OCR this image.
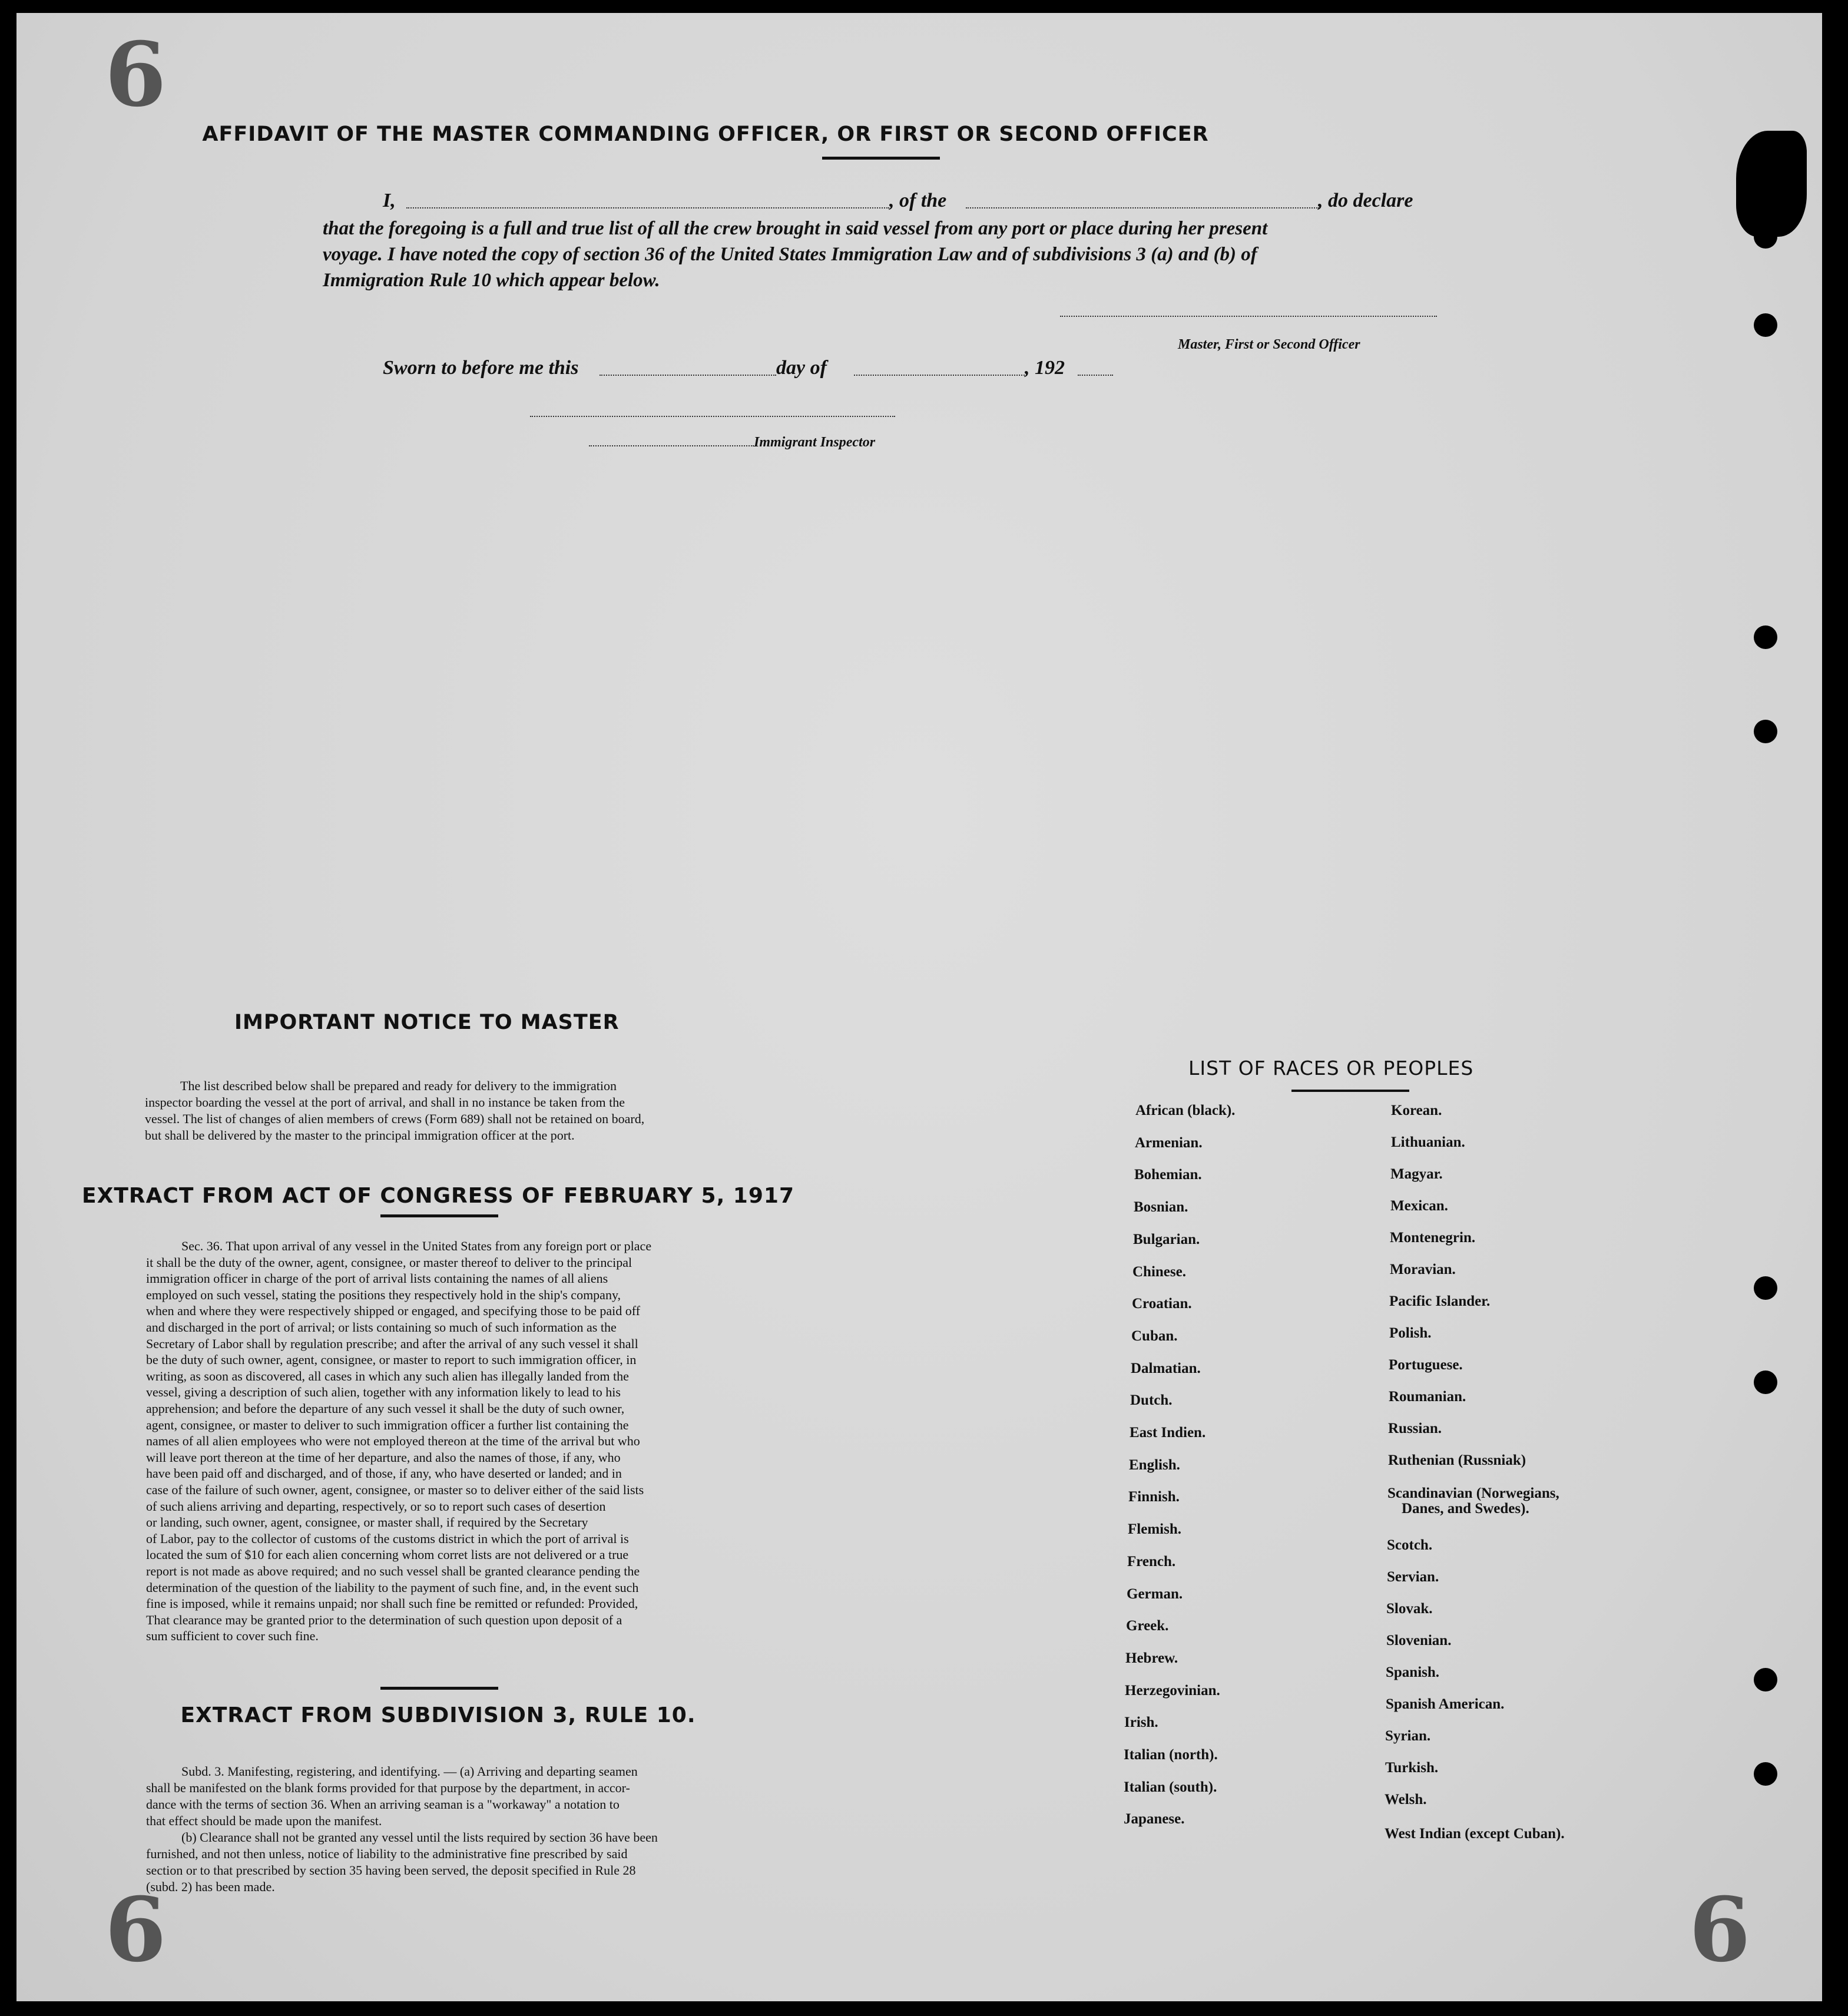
6
6	6
AFFIDAVIT OF THE MASTER COMMANDING OFFICER, OR FIRST OR SECOND OFFICER
I,	, of the	, do declare
that the foregoing is a full and true list of all the crew brought in said vessel from any port or place during her present
voyage. I have noted the copy of section 36 of the United States Immigration Law and of subdivisions 3 (a) and (b) of
Immigration Rule 10 which appear below.
Master, First or Second Officer
Sworn to before me this	day of	, 192
Immigrant Inspector
IMPORTANT NOTICE TO MASTER
The list described below shall be prepared and ready for delivery to the immigration
inspector boarding the vessel at the port of arrival, and shall in no instance be taken from the
vessel. The list of changes of alien members of crews (Form 689) shall not be retained on board,
but shall be delivered by the master to the principal immigration officer at the port.
EXTRACT FROM ACT OF CONGRESS OF FEBRUARY 5, 1917
Sec. 36. That upon arrival of any vessel in the United States from any foreign port or place
it shall be the duty of the owner, agent, consignee, or master thereof to deliver to the principal
immigration officer in charge of the port of arrival lists containing the names of all aliens
employed on such vessel, stating the positions they respectively hold in the ship's company,
when and where they were respectively shipped or engaged, and specifying those to be paid off
and discharged in the port of arrival; or lists containing so much of such information as the
Secretary of Labor shall by regulation prescribe; and after the arrival of any such vessel it shall
be the duty of such owner, agent, consignee, or master to report to such immigration officer, in
writing, as soon as discovered, all cases in which any such alien has illegally landed from the
vessel, giving a description of such alien, together with any information likely to lead to his
apprehension; and before the departure of any such vessel it shall be the duty of such owner,
agent, consignee, or master to deliver to such immigration officer a further list containing the
names of all alien employees who were not employed thereon at the time of the arrival but who
will leave port thereon at the time of her departure, and also the names of those, if any, who
have been paid off and discharged, and of those, if any, who have deserted or landed; and in
case of the failure of such owner, agent, consignee, or master so to deliver either of the said lists
of such aliens arriving and departing, respectively, or so to report such cases of desertion
or landing, such owner, agent, consignee, or master shall, if required by the Secretary
of Labor, pay to the collector of customs of the customs district in which the port of arrival is
located the sum of $10 for each alien concerning whom corret lists are not delivered or a true
report is not made as above required; and no such vessel shall be granted clearance pending the
determination of the question of the liability to the payment of such fine, and, in the event such
fine is imposed, while it remains unpaid; nor shall such fine be remitted or refunded: Provided,
That clearance may be granted prior to the determination of such question upon deposit of a
sum sufficient to cover such fine.
EXTRACT FROM SUBDIVISION 3, RULE 10.
Subd. 3. Manifesting, registering, and identifying. — (a) Arriving and departing seamen
shall be manifested on the blank forms provided for that purpose by the department, in accor-
dance with the terms of section 36. When an arriving seaman is a "workaway" a notation to
that effect should be made upon the manifest.
(b) Clearance shall not be granted any vessel until the lists required by section 36 have been
furnished, and not then unless, notice of liability to the administrative fine prescribed by said
section or to that prescribed by section 35 having been served, the deposit specified in Rule 28
(subd. 2) has been made.
LIST OF RACES OR PEOPLES
African (black).
Armenian.
Bohemian.
Bosnian.
Bulgarian.
Chinese.
Croatian.
Cuban.
Dalmatian.
Dutch.
East Indien.
English.
Finnish.
Flemish.
French.
German.
Greek.
Hebrew.
Herzegovinian.
Irish.
Italian (north).
Italian (south).
Japanese.
Korean.
Lithuanian.
Magyar.
Mexican.
Montenegrin.
Moravian.
Pacific Islander.
Polish.
Portuguese.
Roumanian.
Russian.
Ruthenian (Russniak)
Scandinavian (Norwegians,
Danes, and Swedes).
Scotch.
Servian.
Slovak.
Slovenian.
Spanish.
Spanish American.
Syrian.
Turkish.
Welsh.
West Indian (except Cuban).
